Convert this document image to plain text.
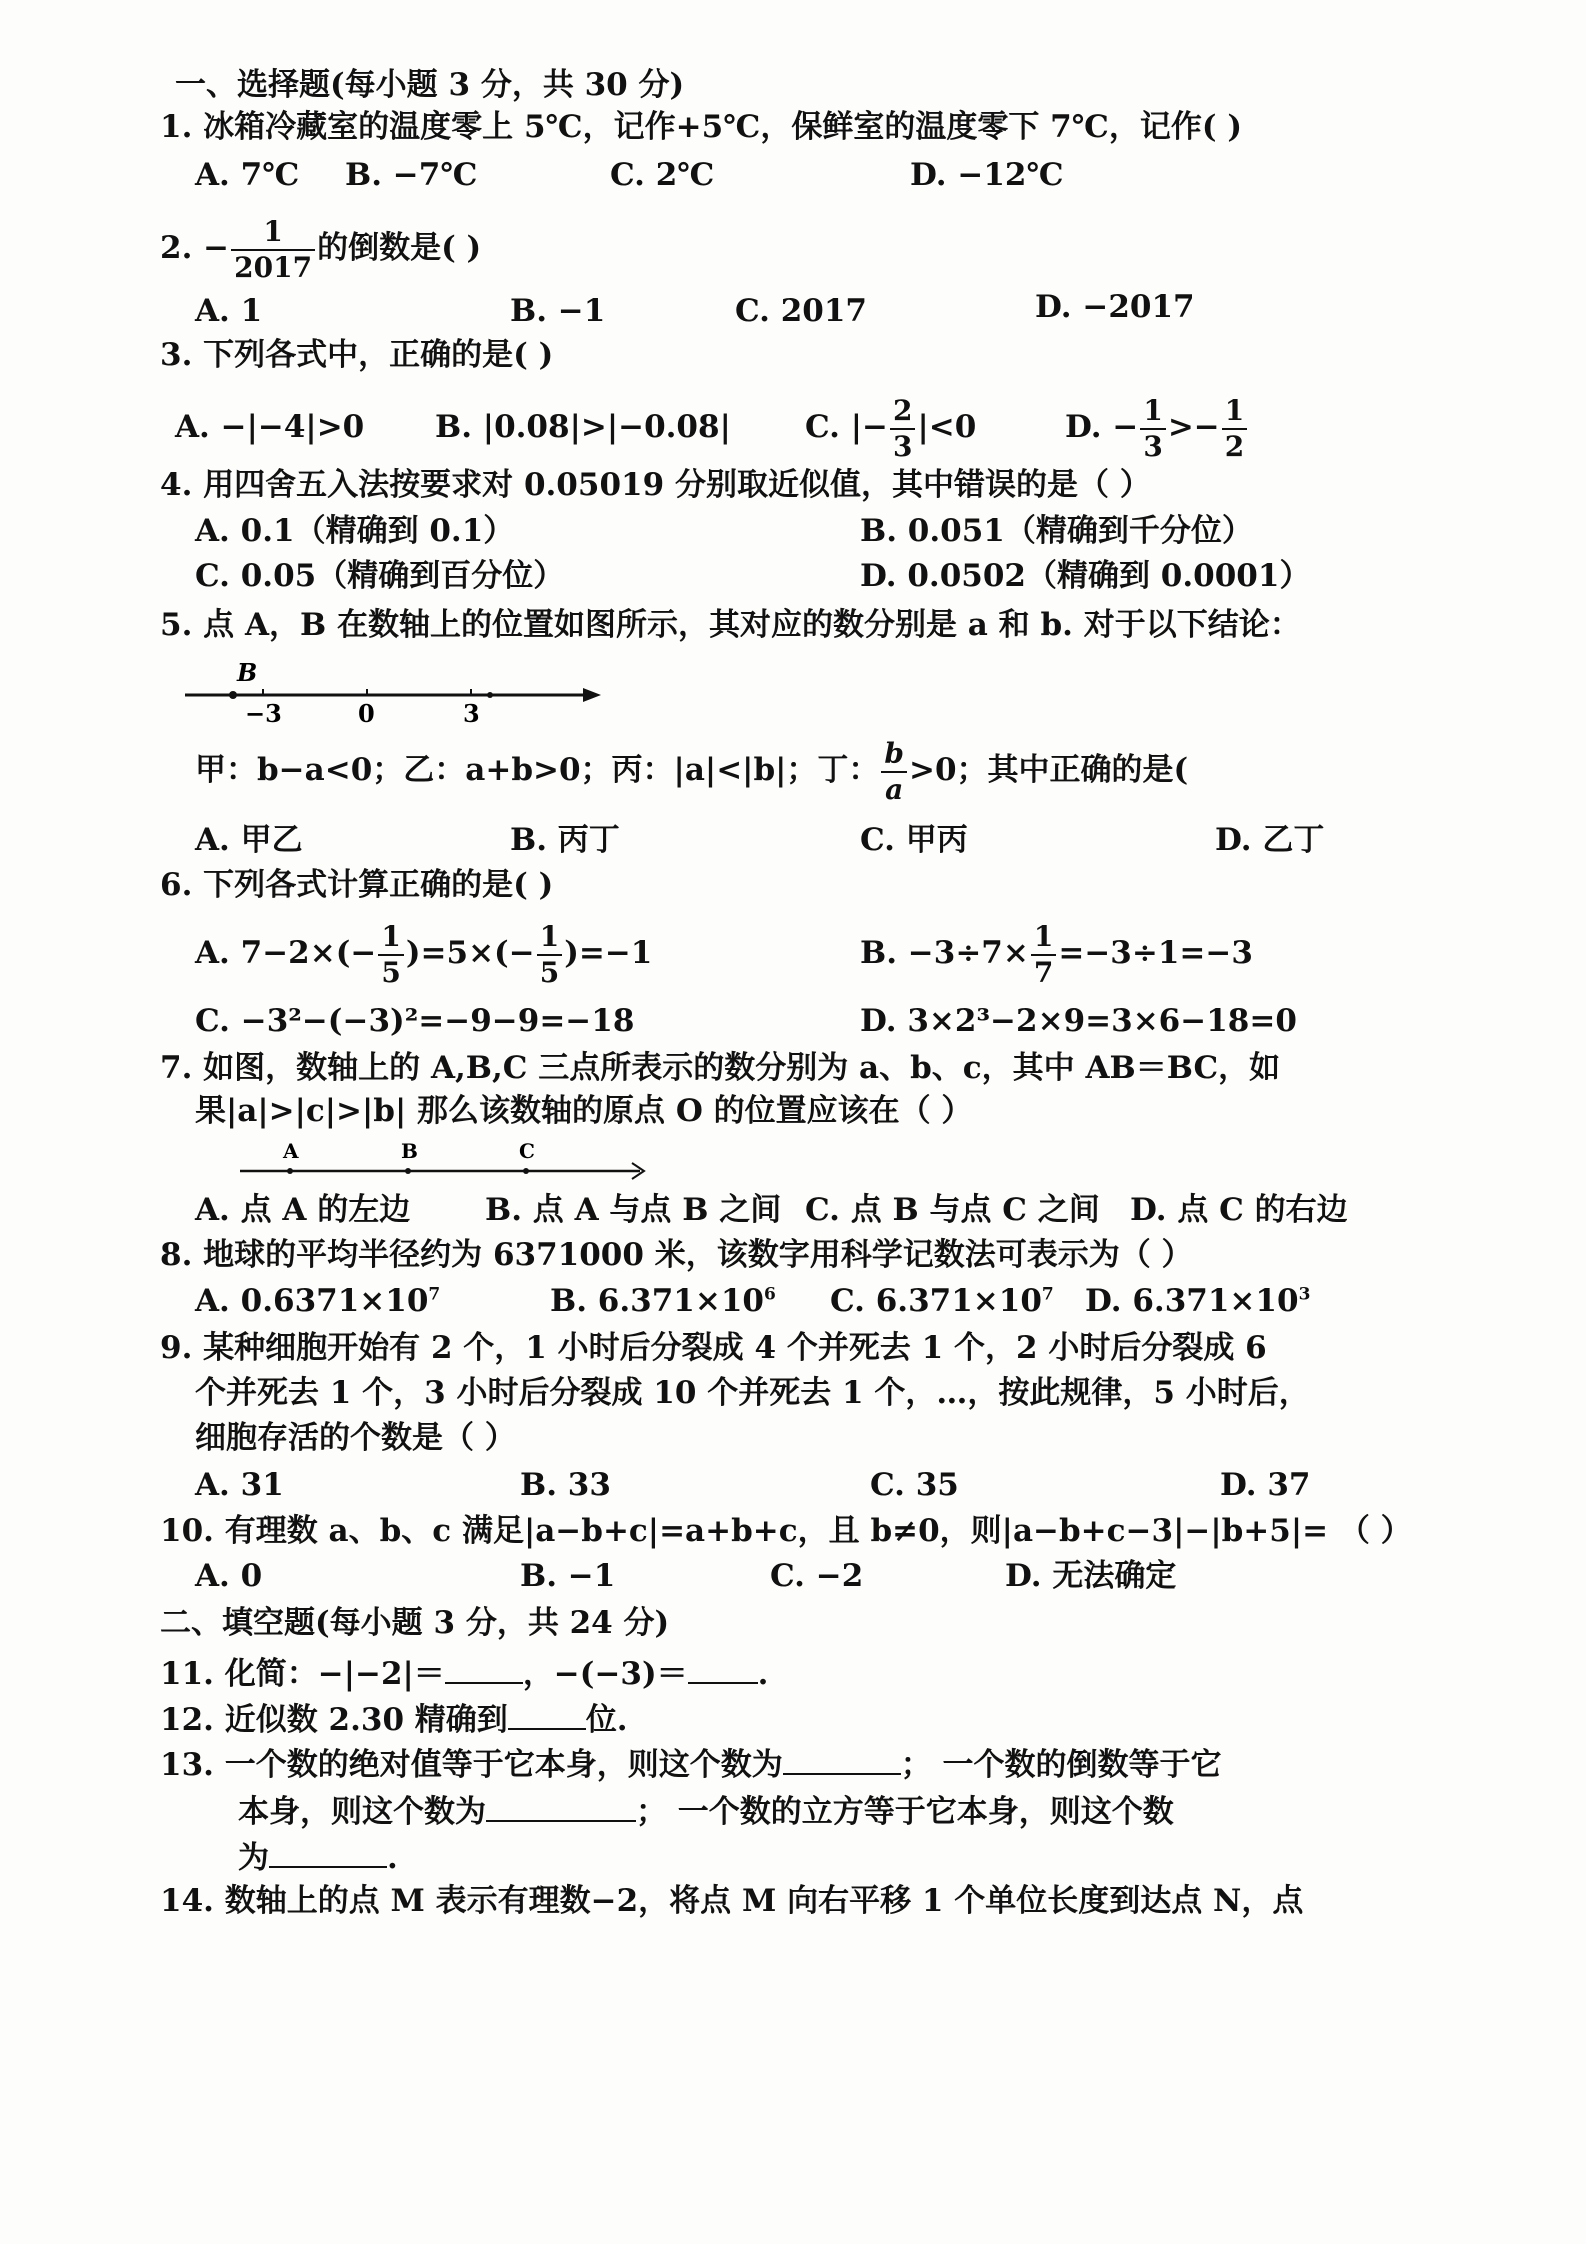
一、选择题(每小题 3 分，共 30 分)
1. 冰箱冷藏室的温度零上 5℃，记作+5℃，保鲜室的温度零下 7℃，记作( )
A. 7℃ B. −7℃	C. 2℃	D. −12℃
2. − $\frac{1}{2017}$ 的倒数是( )
A. 1	B. −1	C. 2017	D. −2017
3. 下列各式中，正确的是( )
A. −|−4|>0 B. |0.08|>|−0.08| C. |− $\frac{2}{3} |<0$	D. − $\frac{1}{3} >- \frac{1}{2}$
4. 用四舍五入法按要求对 0.05019 分别取近似值，其中错误的是（ ）
A. 0.1（精确到 0.1）	B. 0.051（精确到千分位）
C. 0.05（精确到百分位）	D. 0.0502（精确到 0.0001）
5. 点 A，B 在数轴上的位置如图所示，其对应的数分别是 a 和 b. 对于以下结论：
B
−3	0	3
甲：b−a<0；乙：a+b>0；丙：|a|<|b|；丁： $\frac{b}{a} >0$；其中正确的是(
A. 甲乙	B. 丙丁	C. 甲丙	D. 乙丁
6. 下列各式计算正确的是( )
A. $7-2\times(- \frac{1}{5} )=5\times(- \frac{1}{5} )=-1$	B. $-3\div 7\times \frac{1}{7} =-3\div 1=-3$
C. −3²−(−3)²=−9−9=−18	D. 3×2³−2×9=3×6−18=0
7. 如图，数轴上的 A,B,C 三点所表示的数分别为 a、b、c，其中 AB＝BC，如
果|a|>|c|>|b| 那么该数轴的原点 O 的位置应该在（ ）
A	B	C
A. 点 A 的左边 B. 点 A 与点 B 之间 C. 点 B 与点 C 之间 D. 点 C 的右边
8. 地球的平均半径约为 6371000 米，该数字用科学记数法可表示为（ ）
A. $0.6371\times 10^7$	B. $6.371\times 10^6$ C. $6.371\times 10^7$ D. $6.371\times 10^3$
9. 某种细胞开始有 2 个，1 小时后分裂成 4 个并死去 1 个，2 小时后分裂成 6
个并死去 1 个，3 小时后分裂成 10 个并死去 1 个，…，按此规律，5 小时后，
细胞存活的个数是（ ）
A. 31	B. 33	C. 35	D. 37
10. 有理数 a、b、c 满足|a−b+c|=a+b+c，且 b≠0，则|a−b+c−3|−|b+5|= （ ）
A. 0	B. −1	C. −2	D. 无法确定
二、填空题(每小题 3 分，共 24 分)
11. 化简：−|−2|＝	，−(−3)＝ .
12. 近似数 2.30 精确到	位.
13. 一个数的绝对值等于它本身，则这个数为	； 一个数的倒数等于它
本身，则这个数为	； 一个数的立方等于它本身，则这个数
为	.
14. 数轴上的点 M 表示有理数−2，将点 M 向右平移 1 个单位长度到达点 N，点
